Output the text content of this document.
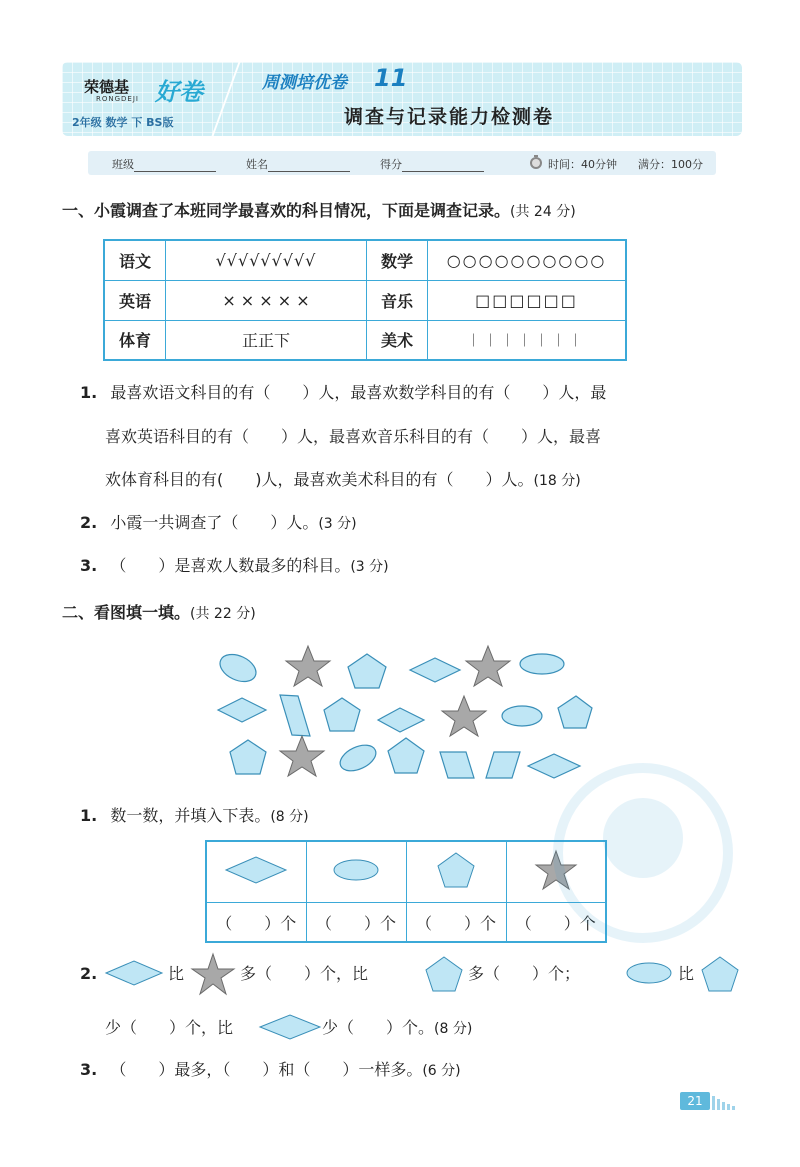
荣德基
RONGDEJI 好卷
2年级 数学 下 BS版
周测培优卷 11
调查与记录能力检测卷
班级	姓名	得分	时间：40分钟 满分：100分
一、小霞调查了本班同学最喜欢的科目情况，下面是调查记录。(共 24 分)
语文	√√√√√√√√√	数学	○○○○○○○○○○
英语	× × × × ×	音乐	□□□□□□
体育	正正下	美术	｜｜｜｜｜｜｜
1. 最喜欢语文科目的有（　　）人，最喜欢数学科目的有（　　）人，最
喜欢英语科目的有（　　）人，最喜欢音乐科目的有（　　）人，最喜
欢体育科目的有(　　)人，最喜欢美术科目的有（　　）人。(18 分)
2. 小霞一共调查了（　　）人。(3 分)
3. （　　）是喜欢人数最多的科目。(3 分)
二、看图填一填。(共 22 分)
1. 数一数，并填入下表。(8 分)

（　　）个	（　　）个	（　　）个	（　　）个
2.	比	多（　　）个，比	多（　　）个；	比
少（　　）个，比	少（　　）个。(8 分)
3. （　　）最多，（　　）和（　　）一样多。(6 分)
21
